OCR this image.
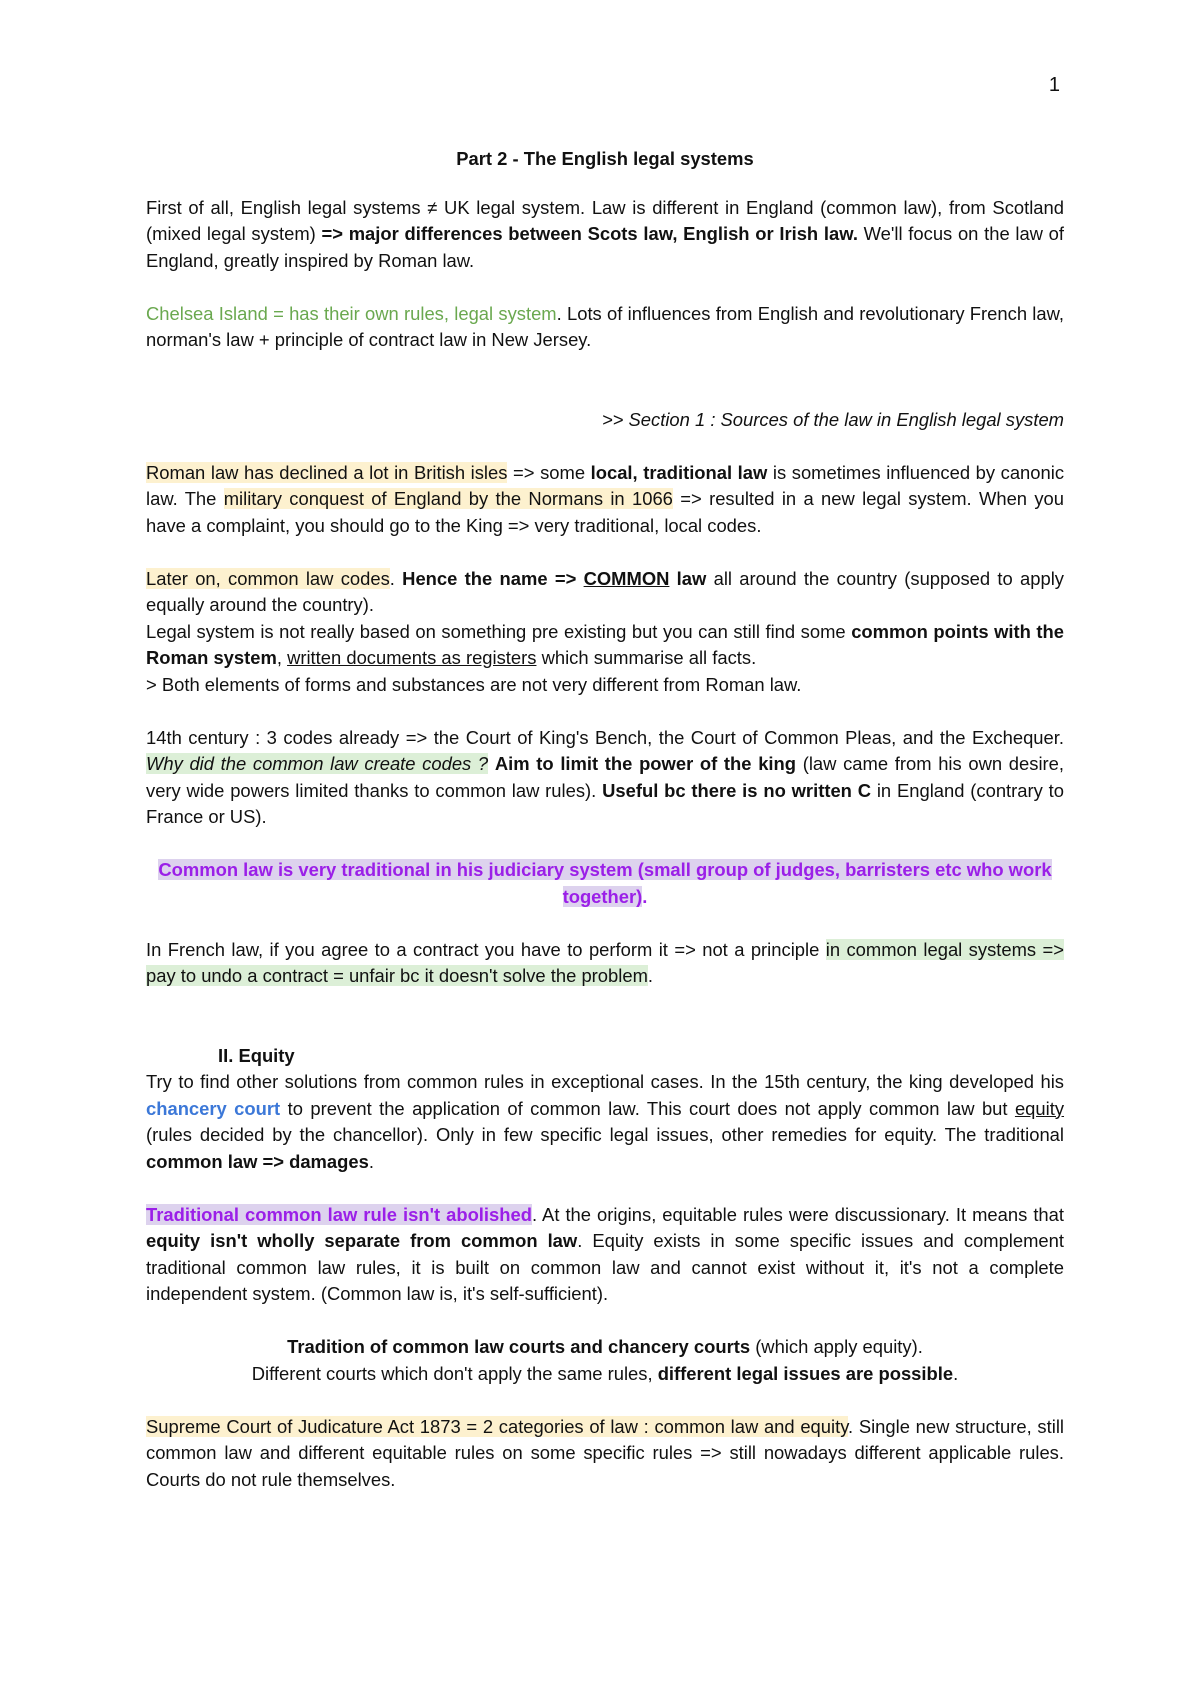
1

Part 2 - The English legal systems

First of all, English legal systems ≠ UK legal system. Law is different in England (common law), from Scotland (mixed legal system) => major differences between Scots law, English or Irish law. We'll focus on the law of England, greatly inspired by Roman law.

Chelsea Island = has their own rules, legal system. Lots of influences from English and revolutionary French law, norman's law + principle of contract law in New Jersey.

>> Section 1 : Sources of the law in English legal system

Roman law has declined a lot in British isles => some local, traditional law is sometimes influenced by canonic law. The military conquest of England by the Normans in 1066 => resulted in a new legal system. When you have a complaint, you should go to the King => very traditional, local codes.

Later on, common law codes. Hence the name => COMMON law all around the country (supposed to apply equally around the country).

Legal system is not really based on something pre existing but you can still find some common points with the Roman system, written documents as registers which summarise all facts.

> Both elements of forms and substances are not very different from Roman law.

14th century : 3 codes already => the Court of King's Bench, the Court of Common Pleas, and the Exchequer. Why did the common law create codes ? Aim to limit the power of the king (law came from his own desire, very wide powers limited thanks to common law rules). Useful bc there is no written C in England (contrary to France or US).

Common law is very traditional in his judiciary system (small group of judges, barristers etc who work together).

In French law, if you agree to a contract you have to perform it => not a principle in common legal systems => pay to undo a contract = unfair bc it doesn't solve the problem.

II. Equity

Try to find other solutions from common rules in exceptional cases. In the 15th century, the king developed his chancery court to prevent the application of common law. This court does not apply common law but equity (rules decided by the chancellor). Only in few specific legal issues, other remedies for equity. The traditional common law => damages.

Traditional common law rule isn't abolished. At the origins, equitable rules were discussionary. It means that equity isn't wholly separate from common law. Equity exists in some specific issues and complement traditional common law rules, it is built on common law and cannot exist without it, it's not a complete independent system. (Common law is, it's self-sufficient).

Tradition of common law courts and chancery courts (which apply equity).
Different courts which don't apply the same rules, different legal issues are possible.

Supreme Court of Judicature Act 1873 = 2 categories of law : common law and equity. Single new structure, still common law and different equitable rules on some specific rules => still nowadays different applicable rules. Courts do not rule themselves.
